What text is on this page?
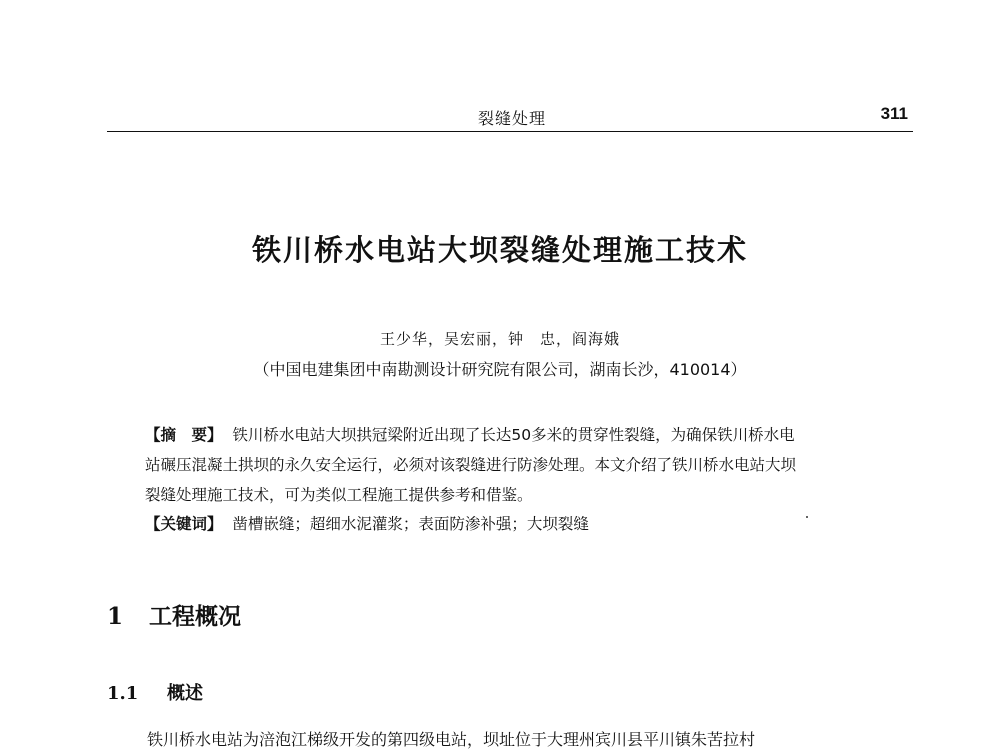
裂缝处理	311
铁川桥水电站大坝裂缝处理施工技术
王少华，吴宏丽，钟　忠，阎海娥
（中国电建集团中南勘测设计研究院有限公司，湖南长沙，410014）
【摘　要】 铁川桥水电站大坝拱冠梁附近出现了长达50多米的贯穿性裂缝，为确保铁川桥水电
站碾压混凝土拱坝的永久安全运行，必须对该裂缝进行防渗处理。本文介绍了铁川桥水电站大坝
裂缝处理施工技术，可为类似工程施工提供参考和借鉴。
【关键词】 凿槽嵌缝；超细水泥灌浆；表面防渗补强；大坝裂缝
1 工程概况
1.1 概述
铁川桥水电站为涪泡江梯级开发的第四级电站，坝址位于大理州宾川县平川镇朱苦拉村
